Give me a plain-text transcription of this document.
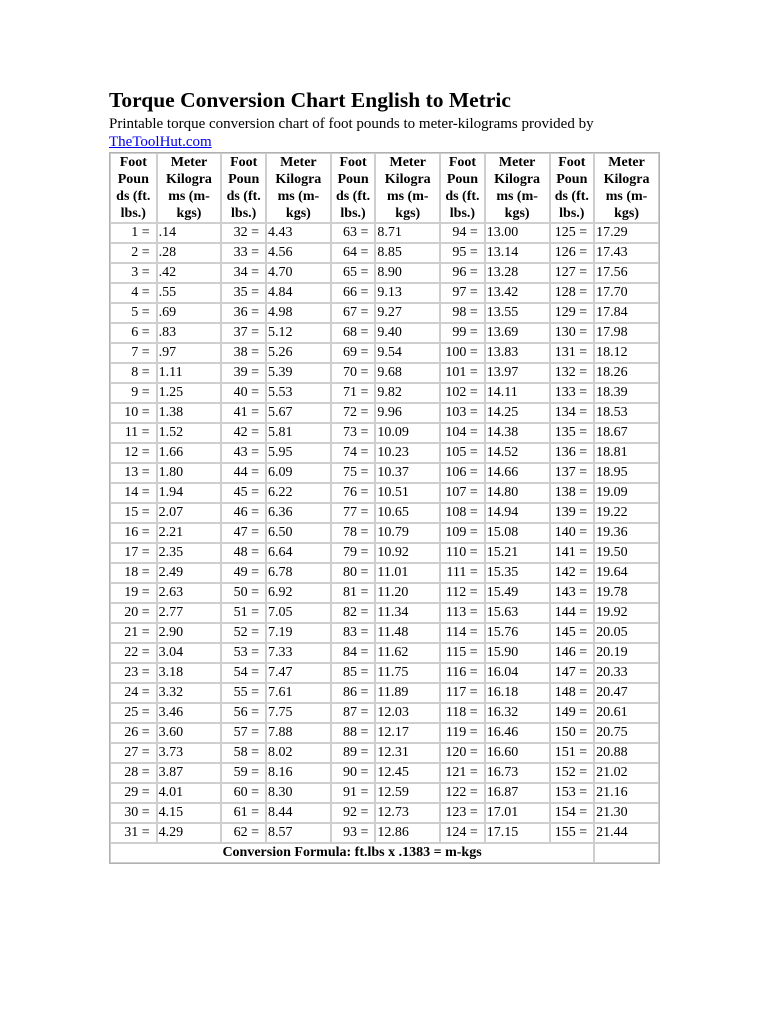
Torque Conversion Chart English to Metric
Printable torque conversion chart of foot pounds to meter-kilograms provided by
TheToolHut.com
Foot Poun ds (ft. lbs.)	Meter Kilogra ms (m-kgs)	Foot Poun ds (ft. lbs.)	Meter Kilogra ms (m-kgs)	Foot Poun ds (ft. lbs.)	Meter Kilogra ms (m-kgs)	Foot Poun ds (ft. lbs.)	Meter Kilogra ms (m-kgs)	Foot Poun ds (ft. lbs.)	Meter Kilogra ms (m-kgs)
1 =	.14	32 =	4.43	63 =	8.71	94 =	13.00	125 =	17.29
2 =	.28	33 =	4.56	64 =	8.85	95 =	13.14	126 =	17.43
3 =	.42	34 =	4.70	65 =	8.90	96 =	13.28	127 =	17.56
4 =	.55	35 =	4.84	66 =	9.13	97 =	13.42	128 =	17.70
5 =	.69	36 =	4.98	67 =	9.27	98 =	13.55	129 =	17.84
6 =	.83	37 =	5.12	68 =	9.40	99 =	13.69	130 =	17.98
7 =	.97	38 =	5.26	69 =	9.54	100 =	13.83	131 =	18.12
8 =	1.11	39 =	5.39	70 =	9.68	101 =	13.97	132 =	18.26
9 =	1.25	40 =	5.53	71 =	9.82	102 =	14.11	133 =	18.39
10 =	1.38	41 =	5.67	72 =	9.96	103 =	14.25	134 =	18.53
11 =	1.52	42 =	5.81	73 =	10.09	104 =	14.38	135 =	18.67
12 =	1.66	43 =	5.95	74 =	10.23	105 =	14.52	136 =	18.81
13 =	1.80	44 =	6.09	75 =	10.37	106 =	14.66	137 =	18.95
14 =	1.94	45 =	6.22	76 =	10.51	107 =	14.80	138 =	19.09
15 =	2.07	46 =	6.36	77 =	10.65	108 =	14.94	139 =	19.22
16 =	2.21	47 =	6.50	78 =	10.79	109 =	15.08	140 =	19.36
17 =	2.35	48 =	6.64	79 =	10.92	110 =	15.21	141 =	19.50
18 =	2.49	49 =	6.78	80 =	11.01	111 =	15.35	142 =	19.64
19 =	2.63	50 =	6.92	81 =	11.20	112 =	15.49	143 =	19.78
20 =	2.77	51 =	7.05	82 =	11.34	113 =	15.63	144 =	19.92
21 =	2.90	52 =	7.19	83 =	11.48	114 =	15.76	145 =	20.05
22 =	3.04	53 =	7.33	84 =	11.62	115 =	15.90	146 =	20.19
23 =	3.18	54 =	7.47	85 =	11.75	116 =	16.04	147 =	20.33
24 =	3.32	55 =	7.61	86 =	11.89	117 =	16.18	148 =	20.47
25 =	3.46	56 =	7.75	87 =	12.03	118 =	16.32	149 =	20.61
26 =	3.60	57 =	7.88	88 =	12.17	119 =	16.46	150 =	20.75
27 =	3.73	58 =	8.02	89 =	12.31	120 =	16.60	151 =	20.88
28 =	3.87	59 =	8.16	90 =	12.45	121 =	16.73	152 =	21.02
29 =	4.01	60 =	8.30	91 =	12.59	122 =	16.87	153 =	21.16
30 =	4.15	61 =	8.44	92 =	12.73	123 =	17.01	154 =	21.30
31 =	4.29	62 =	8.57	93 =	12.86	124 =	17.15	155 =	21.44
Conversion Formula: ft.lbs x .1383 = m-kgs									
